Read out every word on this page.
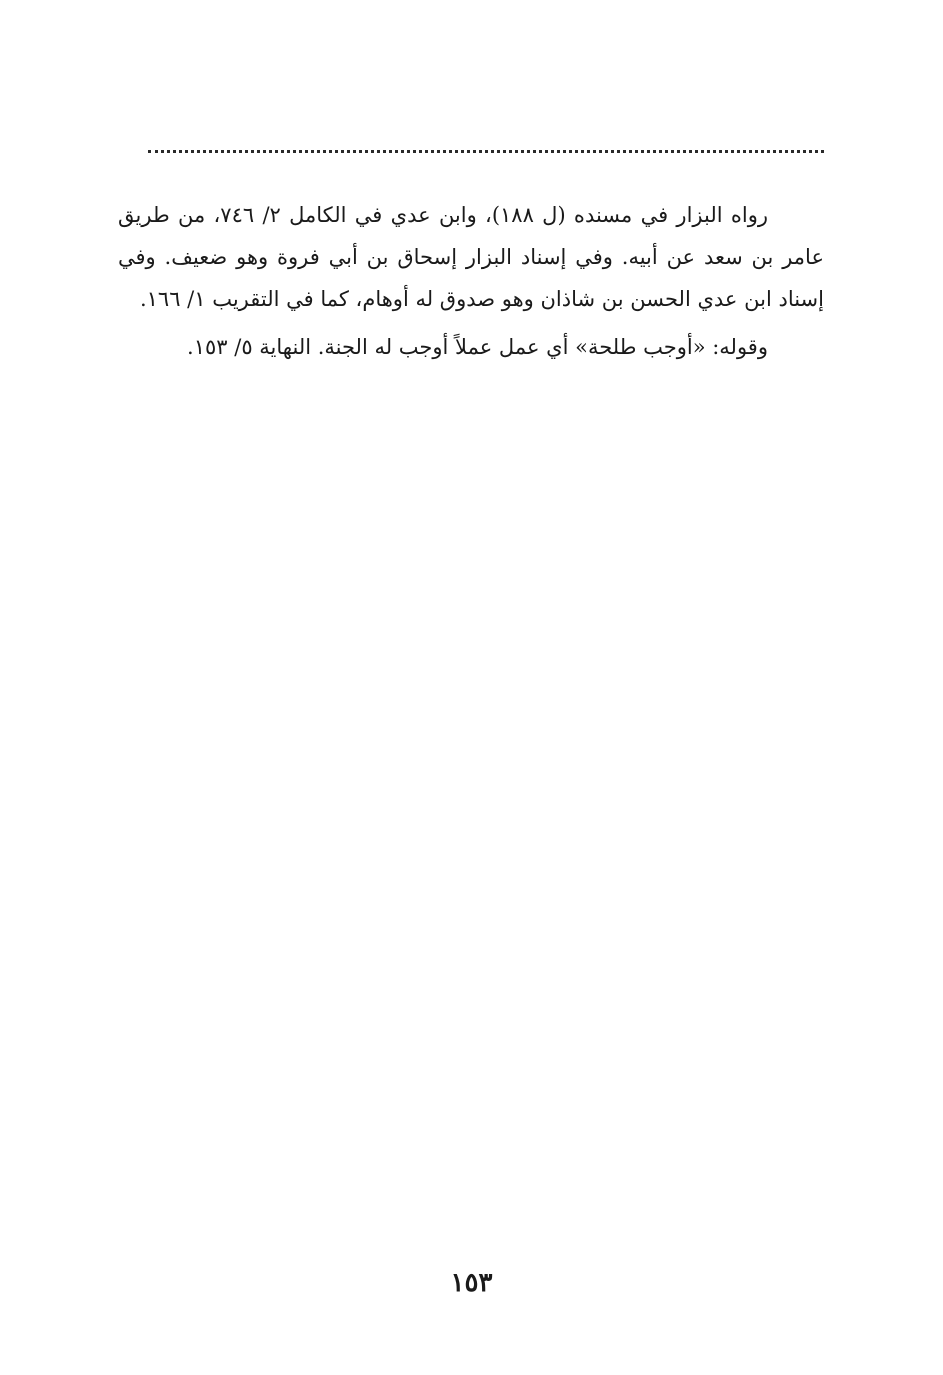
رواه البزار في مسنده (ل ١٨٨)، وابن عدي في الكامل ٢/ ٧٤٦، من طريق عامر بن سعد عن أبيه. وفي إسناد البزار إسحاق بن أبي فروة وهو ضعيف. وفي إسناد ابن عدي الحسن بن شاذان وهو صدوق له أوهام، كما في التقريب ١/ ١٦٦.

وقوله: «أوجب طلحة» أي عمل عملاً أوجب له الجنة. النهاية ٥/ ١٥٣.

١٥٣
